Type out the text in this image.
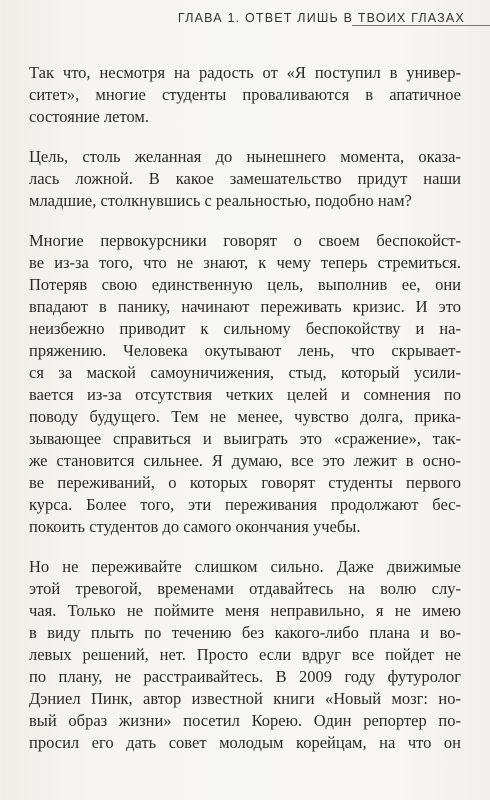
ГЛАВА 1. ОТВЕТ ЛИШЬ В ТВОИХ ГЛАЗАХ

Так что, несмотря на радость от «Я поступил в универ-
ситет», многие студенты проваливаются в апатичное
состояние летом.

Цель, столь желанная до нынешнего момента, оказа-
лась ложной. В какое замешательство придут наши
младшие, столкнувшись с реальностью, подобно нам?

Многие первокурсники говорят о своем беспокойст-
ве из-за того, что не знают, к чему теперь стремиться.
Потеряв свою единственную цель, выполнив ее, они
впадают в панику, начинают переживать кризис. И это
неизбежно приводит к сильному беспокойству и на-
пряжению. Человека окутывают лень, что скрывает-
ся за маской самоуничижения, стыд, который усили-
вается из-за отсутствия четких целей и сомнения по
поводу будущего. Тем не менее, чувство долга, прика-
зывающее справиться и выиграть это «сражение», так-
же становится сильнее. Я думаю, все это лежит в осно-
ве переживаний, о которых говорят студенты первого
курса. Более того, эти переживания продолжают бес-
покоить студентов до самого окончания учебы.

Но не переживайте слишком сильно. Даже движимые
этой тревогой, временами отдавайтесь на волю слу-
чая. Только не поймите меня неправильно, я не имею
в виду плыть по течению без какого-либо плана и во-
левых решений, нет. Просто если вдруг все пойдет не
по плану, не расстраивайтесь. В 2009 году футуролог
Дэниел Пинк, автор известной книги «Новый мозг: но-
вый образ жизни» посетил Корею. Один репортер по-
просил его дать совет молодым корейцам, на что он
